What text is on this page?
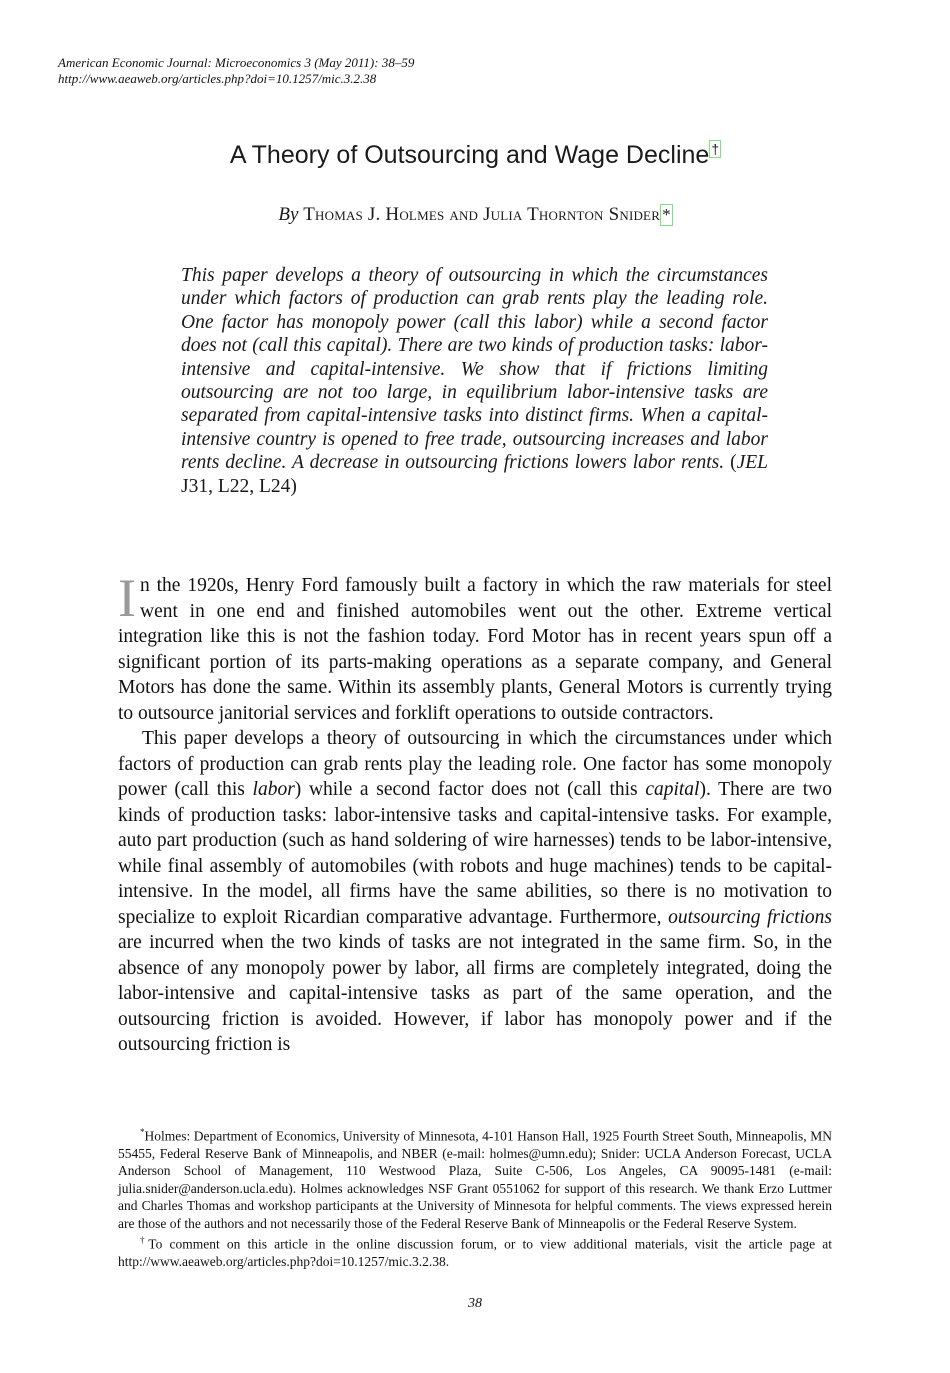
American Economic Journal: Microeconomics 3 (May 2011): 38–59
http://www.aeaweb.org/articles.php?doi=10.1257/mic.3.2.38
A Theory of Outsourcing and Wage Decline †
By Thomas J. Holmes and Julia Thornton Snider *
This paper develops a theory of outsourcing in which the circumstances under which factors of production can grab rents play the leading role. One factor has monopoly power (call this labor) while a second factor does not (call this capital). There are two kinds of production tasks: labor-intensive and capital-intensive. We show that if frictions limiting outsourcing are not too large, in equilibrium labor-intensive tasks are separated from capital-intensive tasks into distinct firms. When a capital-intensive country is opened to free trade, outsourcing increases and labor rents decline. A decrease in outsourcing frictions lowers labor rents. (JEL J31, L22, L24)

In the 1920s, Henry Ford famously built a factory in which the raw materials for steel went in one end and finished automobiles went out the other. Extreme vertical integration like this is not the fashion today. Ford Motor has in recent years spun off a significant portion of its parts-making operations as a separate company, and General Motors has done the same. Within its assembly plants, General Motors is currently trying to outsource janitorial services and forklift operations to outside contractors.

This paper develops a theory of outsourcing in which the circumstances under which factors of production can grab rents play the leading role. One factor has some monopoly power (call this labor) while a second factor does not (call this capital). There are two kinds of production tasks: labor-intensive tasks and capital-intensive tasks. For example, auto part production (such as hand soldering of wire harnesses) tends to be labor-intensive, while final assembly of automobiles (with robots and huge machines) tends to be capital-intensive. In the model, all firms have the same abilities, so there is no motivation to specialize to exploit Ricardian comparative advantage. Furthermore, outsourcing frictions are incurred when the two kinds of tasks are not integrated in the same firm. So, in the absence of any monopoly power by labor, all firms are completely integrated, doing the labor-intensive and capital-intensive tasks as part of the same operation, and the outsourcing friction is avoided. However, if labor has monopoly power and if the outsourcing friction is

*Holmes: Department of Economics, University of Minnesota, 4-101 Hanson Hall, 1925 Fourth Street South, Minneapolis, MN 55455, Federal Reserve Bank of Minneapolis, and NBER (e-mail: holmes@umn.edu); Snider: UCLA Anderson Forecast, UCLA Anderson School of Management, 110 Westwood Plaza, Suite C-506, Los Angeles, CA 90095-1481 (e-mail: julia.snider@anderson.ucla.edu). Holmes acknowledges NSF Grant 0551062 for support of this research. We thank Erzo Luttmer and Charles Thomas and workshop participants at the University of Minnesota for helpful comments. The views expressed herein are those of the authors and not necessarily those of the Federal Reserve Bank of Minneapolis or the Federal Reserve System.

†To comment on this article in the online discussion forum, or to view additional materials, visit the article page at http://www.aeaweb.org/articles.php?doi=10.1257/mic.3.2.38.

38
